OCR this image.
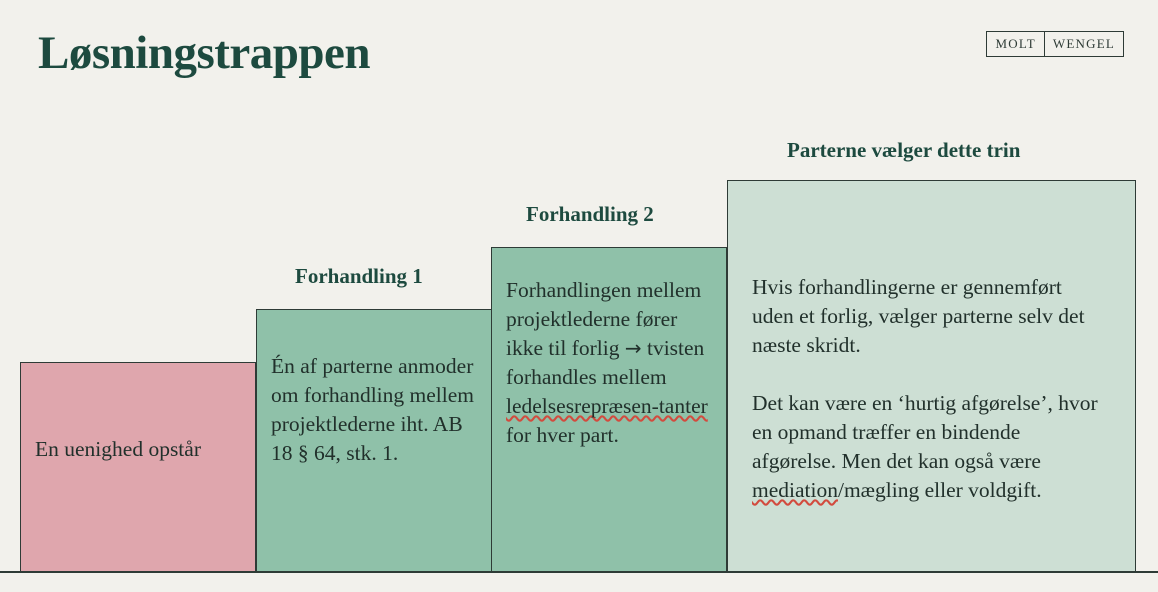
Løsningstrappen	MOLT	WENGEL
En uenighed opstår
Forhandling 1
Én af parterne anmoder om forhandling mellem projektlederne iht. AB 18 § 64, stk. 1.
Forhandling 2
Forhandlingen mellem projektlederne fører ikke til forlig → tvisten forhandles mellem ledelsesrepræsen-tanter for hver part.
Parterne vælger dette trin

Hvis forhandlingerne er gennemført uden et forlig, vælger parterne selv det næste skridt.

Det kan være en ‘hurtig afgørelse’, hvor en opmand træffer en bindende afgørelse. Men det kan også være mediation/mægling eller voldgift.
